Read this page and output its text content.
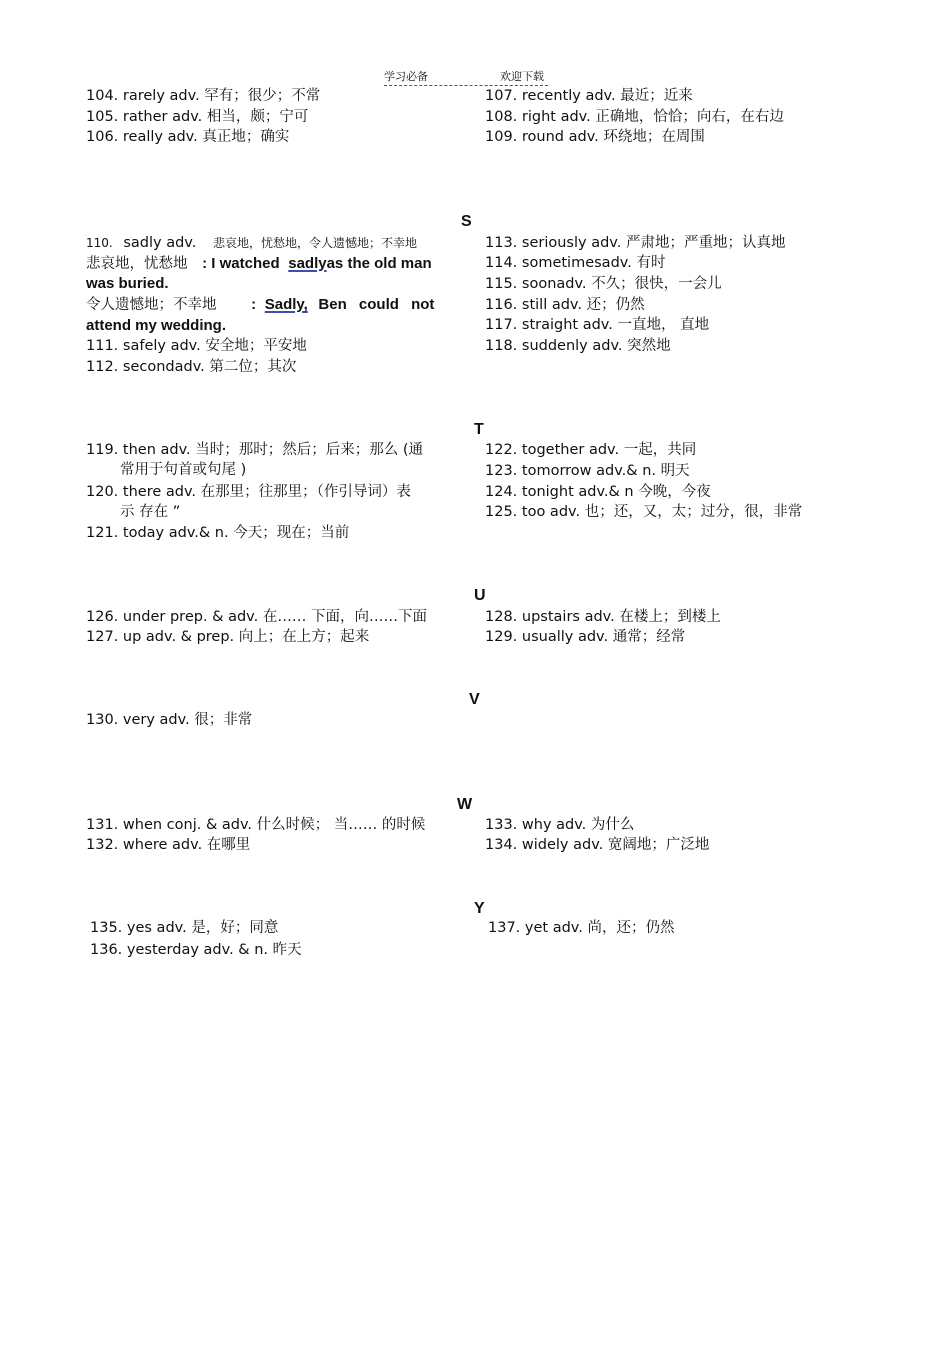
学习必备	欢迎下载
104. rarely adv. 罕有；很少；不常
105. rather adv. 相当，颇；宁可
106. really adv. 真正地；确实
107. recently adv. 最近；近来
108. right adv. 正确地，恰恰；向右，在右边
109. round adv. 环绕地；在周围
S
110. sadly adv. 悲哀地，忧愁地，令人遗憾地；不幸地
悲哀地，忧愁地 : I watched sadlyas the old man
was buried.
令人遗憾地；不幸地 : Sadly, Ben could not
attend my wedding.
111. safely adv. 安全地；平安地
112. secondadv. 第二位；其次
113. seriously adv. 严肃地；严重地；认真地
114. sometimesadv. 有时
115. soonadv. 不久；很快，一会儿
116. still adv. 还；仍然
117. straight adv. 一直地， 直地
118. suddenly adv. 突然地
T
119. then adv. 当时；那时；然后；后来；那么 (通
常用于句首或句尾 )
120. there adv. 在那里；往那里；（作引导词）表
示 存在 ”
121. today adv.& n. 今天；现在；当前
122. together adv. 一起，共同
123. tomorrow adv.& n. 明天
124. tonight adv.& n 今晚，今夜
125. too adv. 也；还，又，太；过分，很，非常
U
126. under prep. & adv. 在…… 下面，向……下面
127. up adv. & prep. 向上；在上方；起来
128. upstairs adv. 在楼上；到楼上
129. usually adv. 通常；经常
V
130. very adv. 很；非常
W
131. when conj. & adv. 什么时候； 当…… 的时候
132. where adv. 在哪里
133. why adv. 为什么
134. widely adv. 宽阔地；广泛地
Y
135. yes adv. 是，好；同意
136. yesterday adv. & n. 昨天
137. yet adv. 尚，还；仍然
